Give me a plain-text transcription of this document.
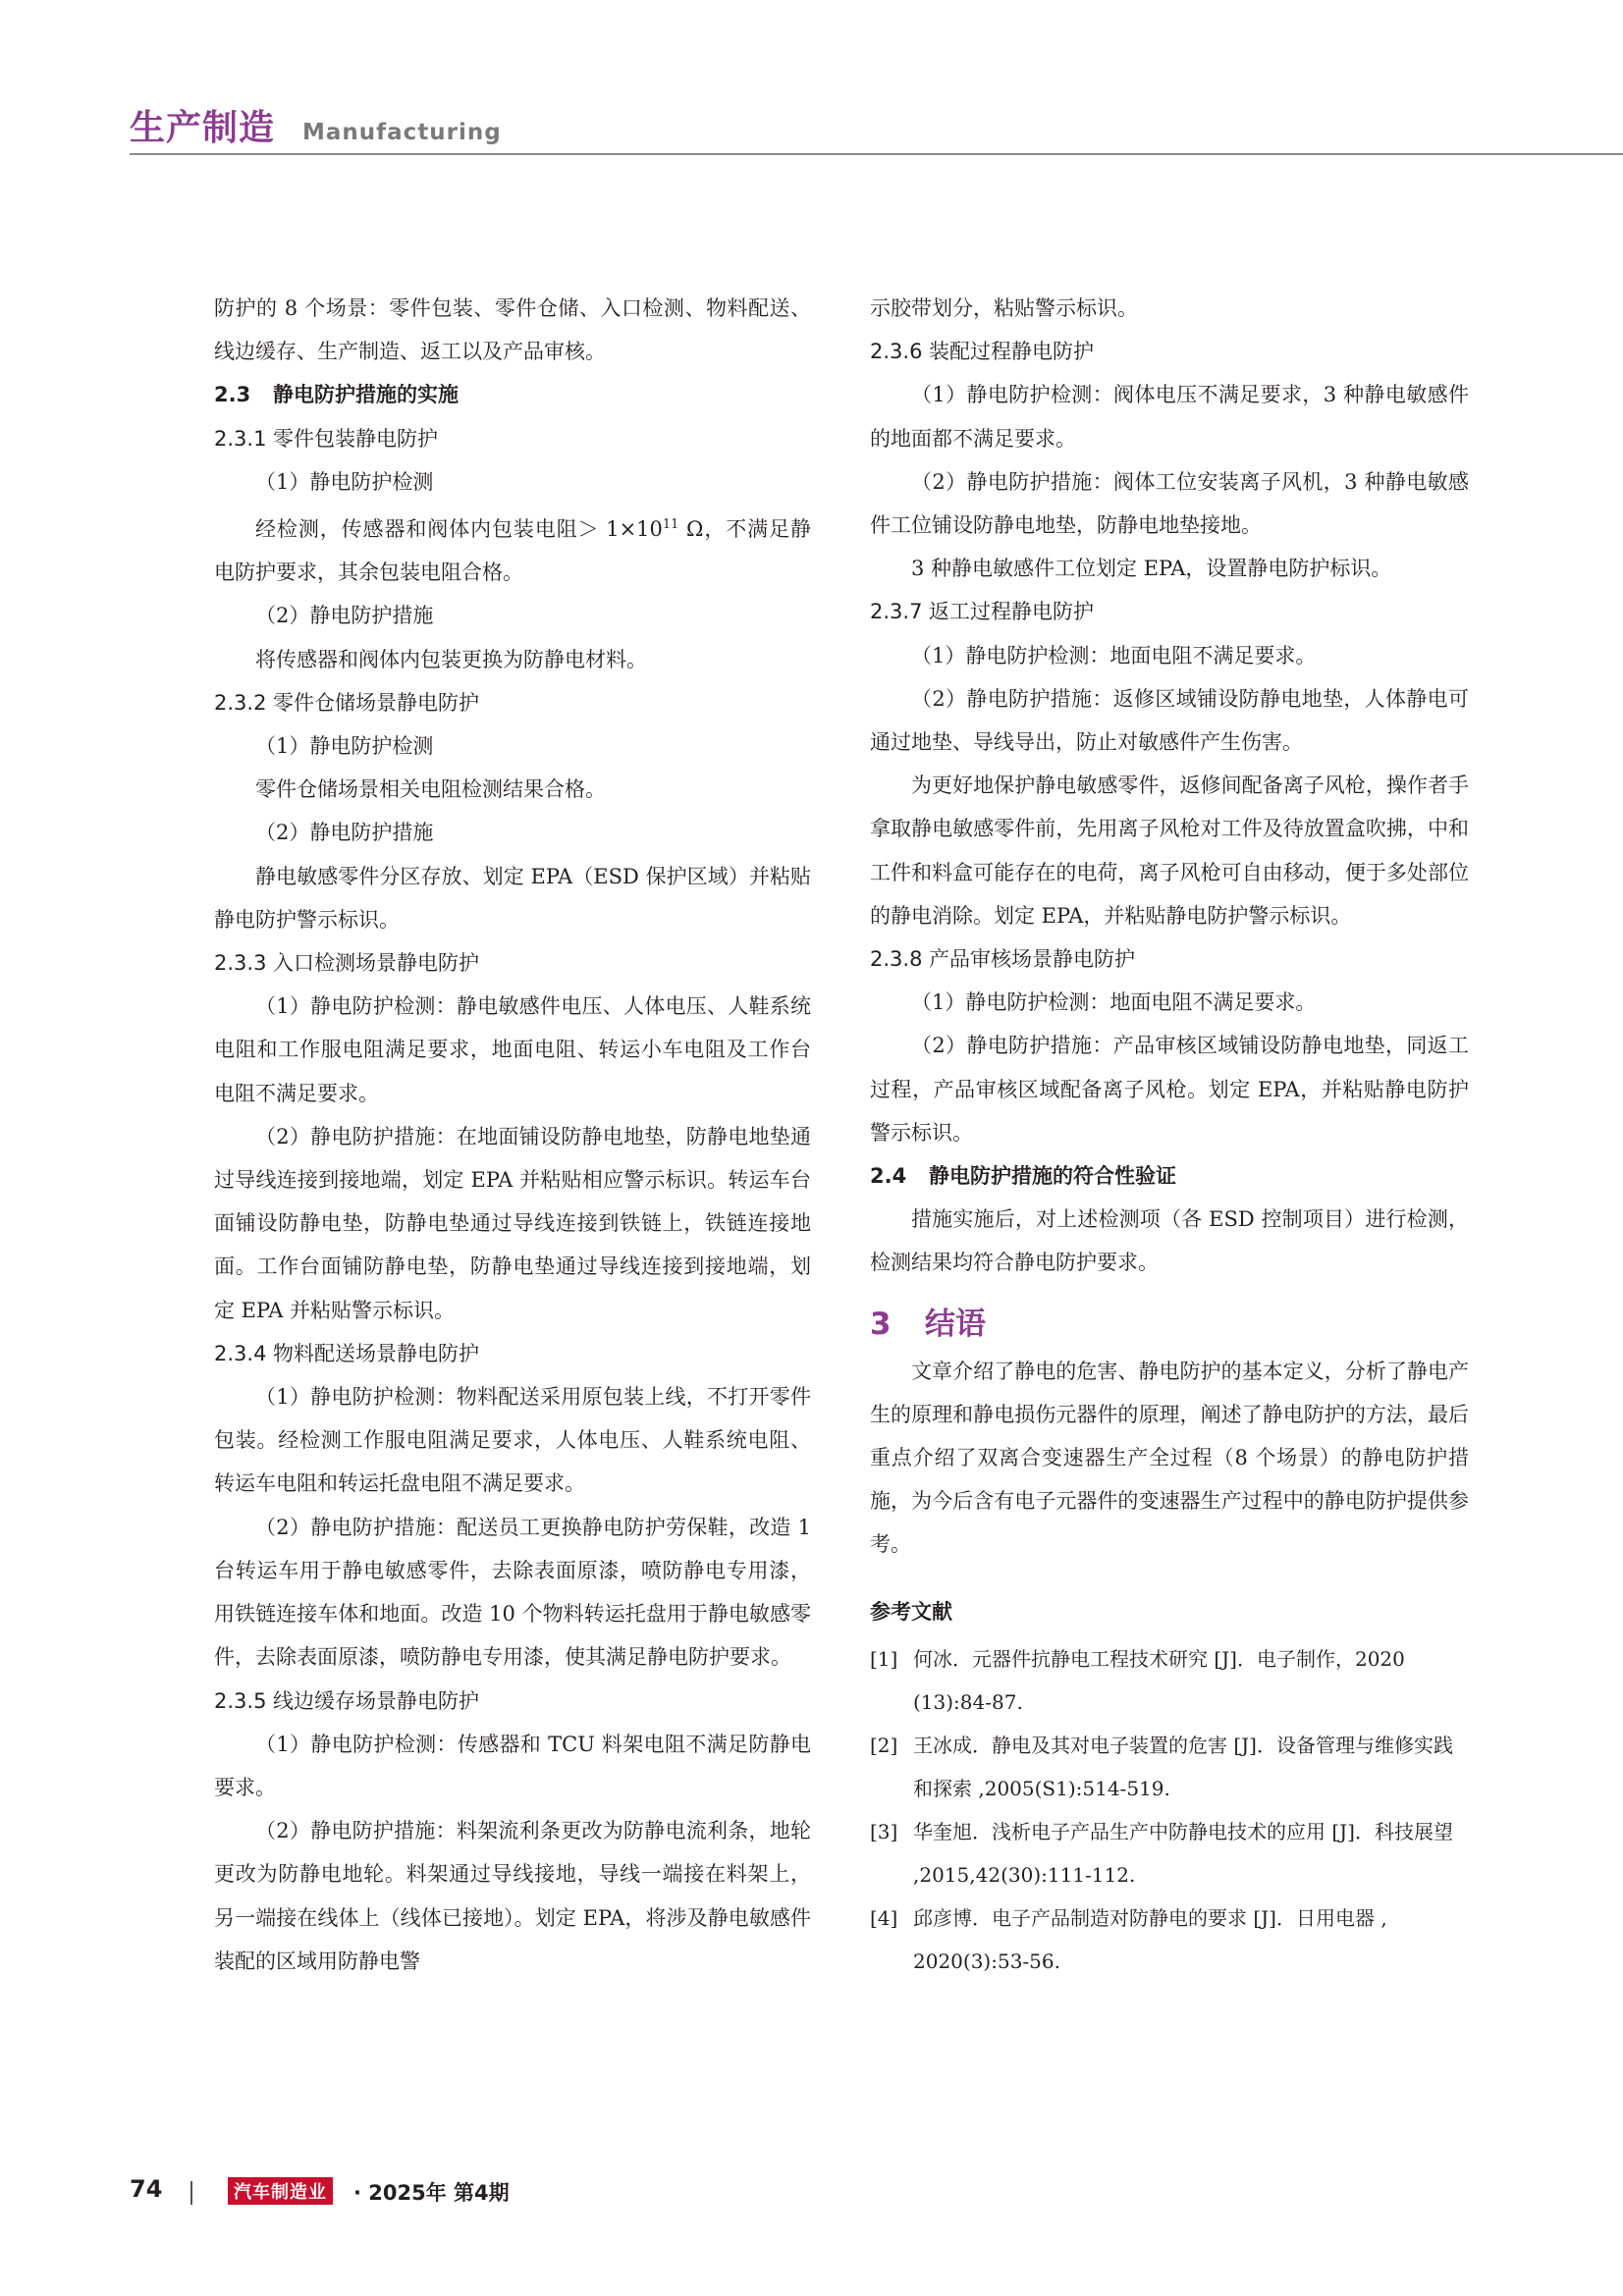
生产制造 Manufacturing

防护的 8 个场景：零件包装、零件仓储、入口检测、物料配送、线边缓存、生产制造、返工以及产品审核。

2.3 静电防护措施的实施

2.3.1 零件包装静电防护

（1）静电防护检测

经检测，传感器和阀体内包装电阻＞ $1\times 10^{11}$ Ω，不满足静电防护要求，其余包装电阻合格。

（2）静电防护措施

将传感器和阀体内包装更换为防静电材料。

2.3.2 零件仓储场景静电防护

（1）静电防护检测

零件仓储场景相关电阻检测结果合格。

（2）静电防护措施

静电敏感零件分区存放、划定 EPA（ESD 保护区域）并粘贴静电防护警示标识。

2.3.3 入口检测场景静电防护

（1）静电防护检测：静电敏感件电压、人体电压、人鞋系统电阻和工作服电阻满足要求，地面电阻、转运小车电阻及工作台电阻不满足要求。

（2）静电防护措施：在地面铺设防静电地垫，防静电地垫通过导线连接到接地端，划定 EPA 并粘贴相应警示标识。转运车台面铺设防静电垫，防静电垫通过导线连接到铁链上，铁链连接地面。工作台面铺防静电垫，防静电垫通过导线连接到接地端，划定 EPA 并粘贴警示标识。

2.3.4 物料配送场景静电防护

（1）静电防护检测：物料配送采用原包装上线，不打开零件包装。经检测工作服电阻满足要求，人体电压、人鞋系统电阻、转运车电阻和转运托盘电阻不满足要求。

（2）静电防护措施：配送员工更换静电防护劳保鞋，改造 1 台转运车用于静电敏感零件，去除表面原漆，喷防静电专用漆，用铁链连接车体和地面。改造 10 个物料转运托盘用于静电敏感零件，去除表面原漆，喷防静电专用漆，使其满足静电防护要求。

2.3.5 线边缓存场景静电防护

（1）静电防护检测：传感器和 TCU 料架电阻不满足防静电要求。

（2）静电防护措施：料架流利条更改为防静电流利条，地轮更改为防静电地轮。料架通过导线接地，导线一端接在料架上，另一端接在线体上（线体已接地）。划定 EPA，将涉及静电敏感件装配的区域用防静电警

示胶带划分，粘贴警示标识。

2.3.6 装配过程静电防护

（1）静电防护检测：阀体电压不满足要求，3 种静电敏感件的地面都不满足要求。

（2）静电防护措施：阀体工位安装离子风机，3 种静电敏感件工位铺设防静电地垫，防静电地垫接地。

3 种静电敏感件工位划定 EPA，设置静电防护标识。

2.3.7 返工过程静电防护

（1）静电防护检测：地面电阻不满足要求。

（2）静电防护措施：返修区域铺设防静电地垫，人体静电可通过地垫、导线导出，防止对敏感件产生伤害。

为更好地保护静电敏感零件，返修间配备离子风枪，操作者手拿取静电敏感零件前，先用离子风枪对工件及待放置盒吹拂，中和工件和料盒可能存在的电荷，离子风枪可自由移动，便于多处部位的静电消除。划定 EPA，并粘贴静电防护警示标识。

2.3.8 产品审核场景静电防护

（1）静电防护检测：地面电阻不满足要求。

（2）静电防护措施：产品审核区域铺设防静电地垫，同返工过程，产品审核区域配备离子风枪。划定 EPA，并粘贴静电防护警示标识。

2.4 静电防护措施的符合性验证

措施实施后，对上述检测项（各 ESD 控制项目）进行检测，检测结果均符合静电防护要求。

3 结语

文章介绍了静电的危害、静电防护的基本定义，分析了静电产生的原理和静电损伤元器件的原理，阐述了静电防护的方法，最后重点介绍了双离合变速器生产全过程（8 个场景）的静电防护措施，为今后含有电子元器件的变速器生产过程中的静电防护提供参考。

参考文献

[1] 何冰．元器件抗静电工程技术研究 [J]．电子制作，2020 (13):84-87.

[2] 王冰成．静电及其对电子装置的危害 [J]．设备管理与维修实践和探索 ,2005(S1):514-519.

[3] 华奎旭．浅析电子产品生产中防静电技术的应用 [J]．科技展望 ,2015,42(30):111-112.

[4] 邱彦博．电子产品制造对防静电的要求 [J]．日用电器 , 2020(3):53-56.

74	汽车制造业 · 2025年 第4期
